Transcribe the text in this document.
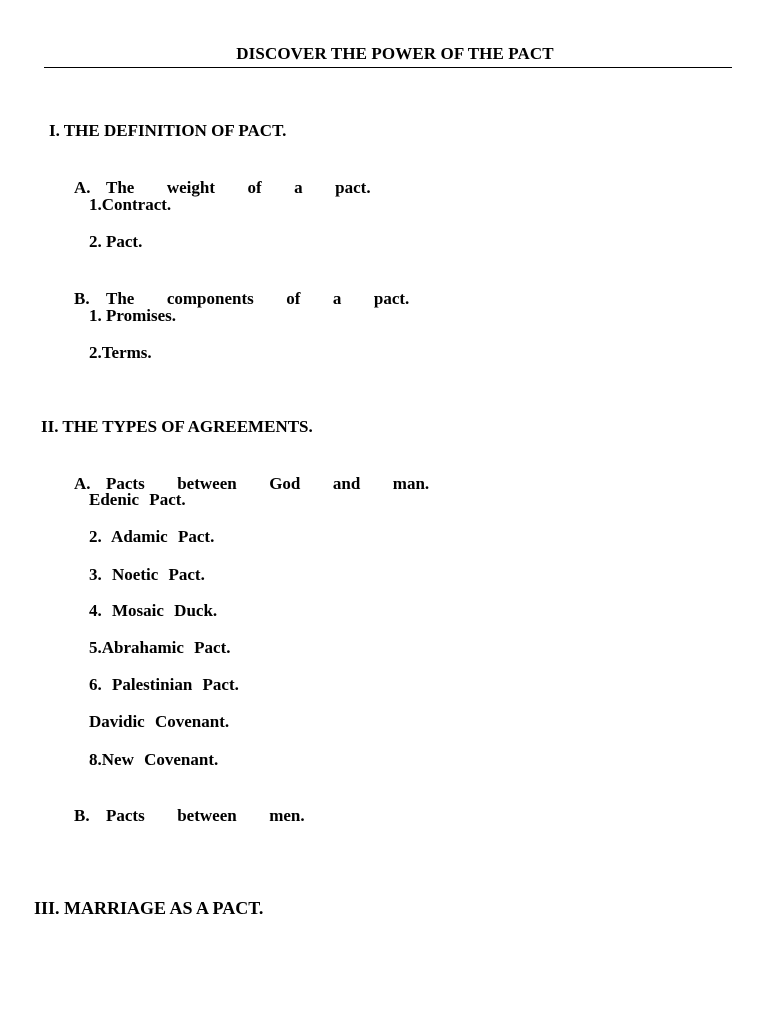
DISCOVER THE POWER OF THE PACT
I. THE DEFINITION OF PACT.

A. The  weight  of  a  pact.

1.Contract.
2. Pact.

B. The  components  of  a  pact.

1. Promises.
2.Terms.
II. THE TYPES OF AGREEMENTS.

A. Pacts  between  God  and  man.

Edenic Pact.
2. Adamic Pact.
3. Noetic Pact.
4. Mosaic Duck.
5.Abrahamic Pact.
6. Palestinian Pact.
Davidic Covenant.
8.New Covenant.

B. Pacts  between  men.

III. MARRIAGE AS A PACT.
